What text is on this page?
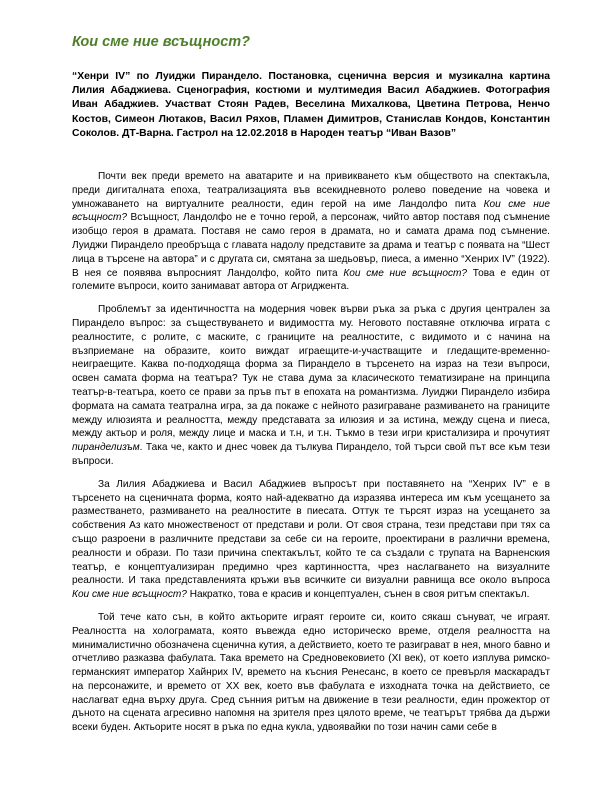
Кои сме ние всъщност?

“Хенри IV” по Луиджи Пирандело. Постановка, сценична версия и музикална картина Лилия Абаджиева. Сценография, костюми и мултимедия Васил Абаджиев. Фотография Иван Абаджиев. Участват Стоян Радев, Веселина Михалкова, Цветина Петрова, Ненчо Костов, Симеон Лютаков, Васил Ряхов, Пламен Димитров, Станислав Кондов, Константин Соколов. ДТ-Варна. Гастрол на 12.02.2018 в Народен театър “Иван Вазов”

Почти век преди времето на аватарите и на привикването към обществото на спектакъла, преди дигиталната епоха, театрализацията във всекидневното ролево поведение на човека и умножаването на виртуалните реалности, един герой на име Ландолфо пита Кои сме ние всъщност? Всъщност, Ландолфо не е точно герой, а персонаж, чийто автор поставя под съмнение изобщо героя в драмата. Поставя не само героя в драмата, но и самата драма под съмнение. Луиджи Пирандело преобръща с главата надолу представите за драма и театър с появата на “Шест лица в търсене на автора” и с другата си, смятана за шедьовър, пиеса, а именно “Хенрих IV” (1922). В нея се появява въпросният Ландолфо, който пита Кои сме ние всъщност? Това е един от големите въпроси, които занимават автора от Агриджента.

Проблемът за идентичността на модерния човек върви ръка за ръка с другия централен за Пирандело въпрос: за съществуването и видимостта му. Неговото поставяне отключва играта с реалностите, с ролите, с маските, с границите на реалностите, с видимото и с начина на възприемане на образите, които виждат играещите-и-участващите и гледащите-временно-неиграещите. Каква по-подходяща форма за Пирандело в търсенето на израз на тези въпроси, освен самата форма на театъра? Тук не става дума за класическото тематизиране на принципа театър-в-театъра, което се прави за пръв път в епохата на романтизма. Луиджи Пирандело избира формата на самата театрална игра, за да покаже с нейното разиграване размиването на границите между илюзията и реалността, между представата за илюзия и за истина, между сцена и пиеса, между актьор и роля, между лице и маска и т.н, и т.н. Тъкмо в тези игри кристализира и прочутият пиранделизъм. Така че, както и днес човек да тълкува Пирандело, той търси свой път все към тези въпроси.

За Лилия Абаджиева и Васил Абаджиев въпросът при поставянето на “Хенрих IV” е в търсенето на сценичната форма, която най-адекватно да изразява интереса им към усещането за разместването, размиването на реалностите в пиесата. Оттук те търсят израз на усещането за собствения Аз като множественост от представи и роли. От своя страна, тези представи при тях са също разроени в различните представи за себе си на героите, проектирани в различни времена, реалности и образи. По тази причина спектакълът, който те са създали с трупата на Варненския театър, е концептуализиран предимно чрез картинността, чрез наслагването на визуалните реалности. И така представленията кръжи във всичките си визуални равнища все около въпроса Кои сме ние всъщност? Накратко, това е красив и концептуален, сънен в своя ритъм спектакъл.

Той тече като сън, в който актьорите играят героите си, които сякаш сънуват, че играят. Реалността на холограмата, която въвежда едно историческо време, отделя реалността на минималистично обозначена сценична кутия, а действието, което те разиграват в нея, много бавно и отчетливо разказва фабулата. Така времето на Средновековието (XI век), от което изплува римско-германският император Хайнрих IV, времето на късния Ренесанс, в което се превърля маскарадът на персонажите, и времето от XX век, което във фабулата е изходната точка на действието, се наслагват една върху друга. Сред сънния ритъм на движение в тези реалности, един прожектор от дъното на сцената агресивно напомня на зрителя през цялото време, че театърът трябва да държи всеки буден. Актьорите носят в ръка по една кукла, удвоявайки по този начин сами себе в
